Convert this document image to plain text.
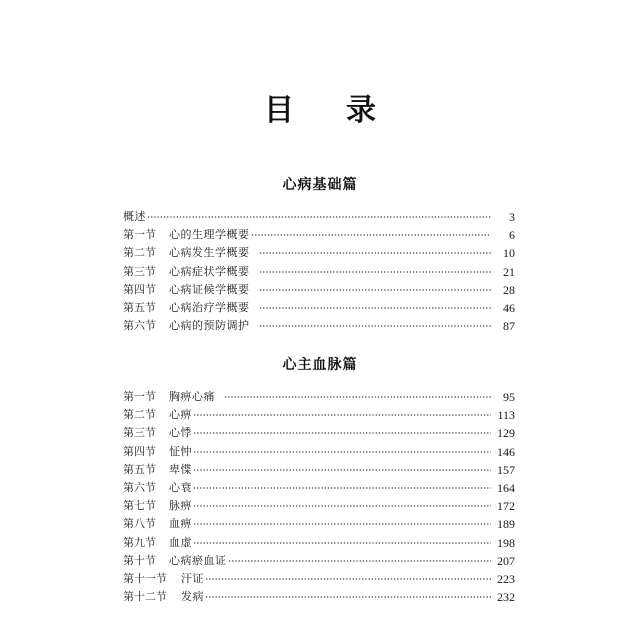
目录
心病基础篇
概述	3
第一节	心的生理学概要	6
第二节	心病发生学概要	10
第三节	心病症状学概要	21
第四节	心病证候学概要	28
第五节	心病治疗学概要	46
第六节	心病的预防调护	87
心主血脉篇
第一节	胸痹心痛	95
第二节	心痹	113
第三节	心悸	129
第四节	怔忡	146
第五节	卑惵	157
第六节	心衰	164
第七节	脉痹	172
第八节	血痹	189
第九节	血虚	198
第十节	心病瘀血证	207
第十一节	汗证	223
第十二节	发病	232
